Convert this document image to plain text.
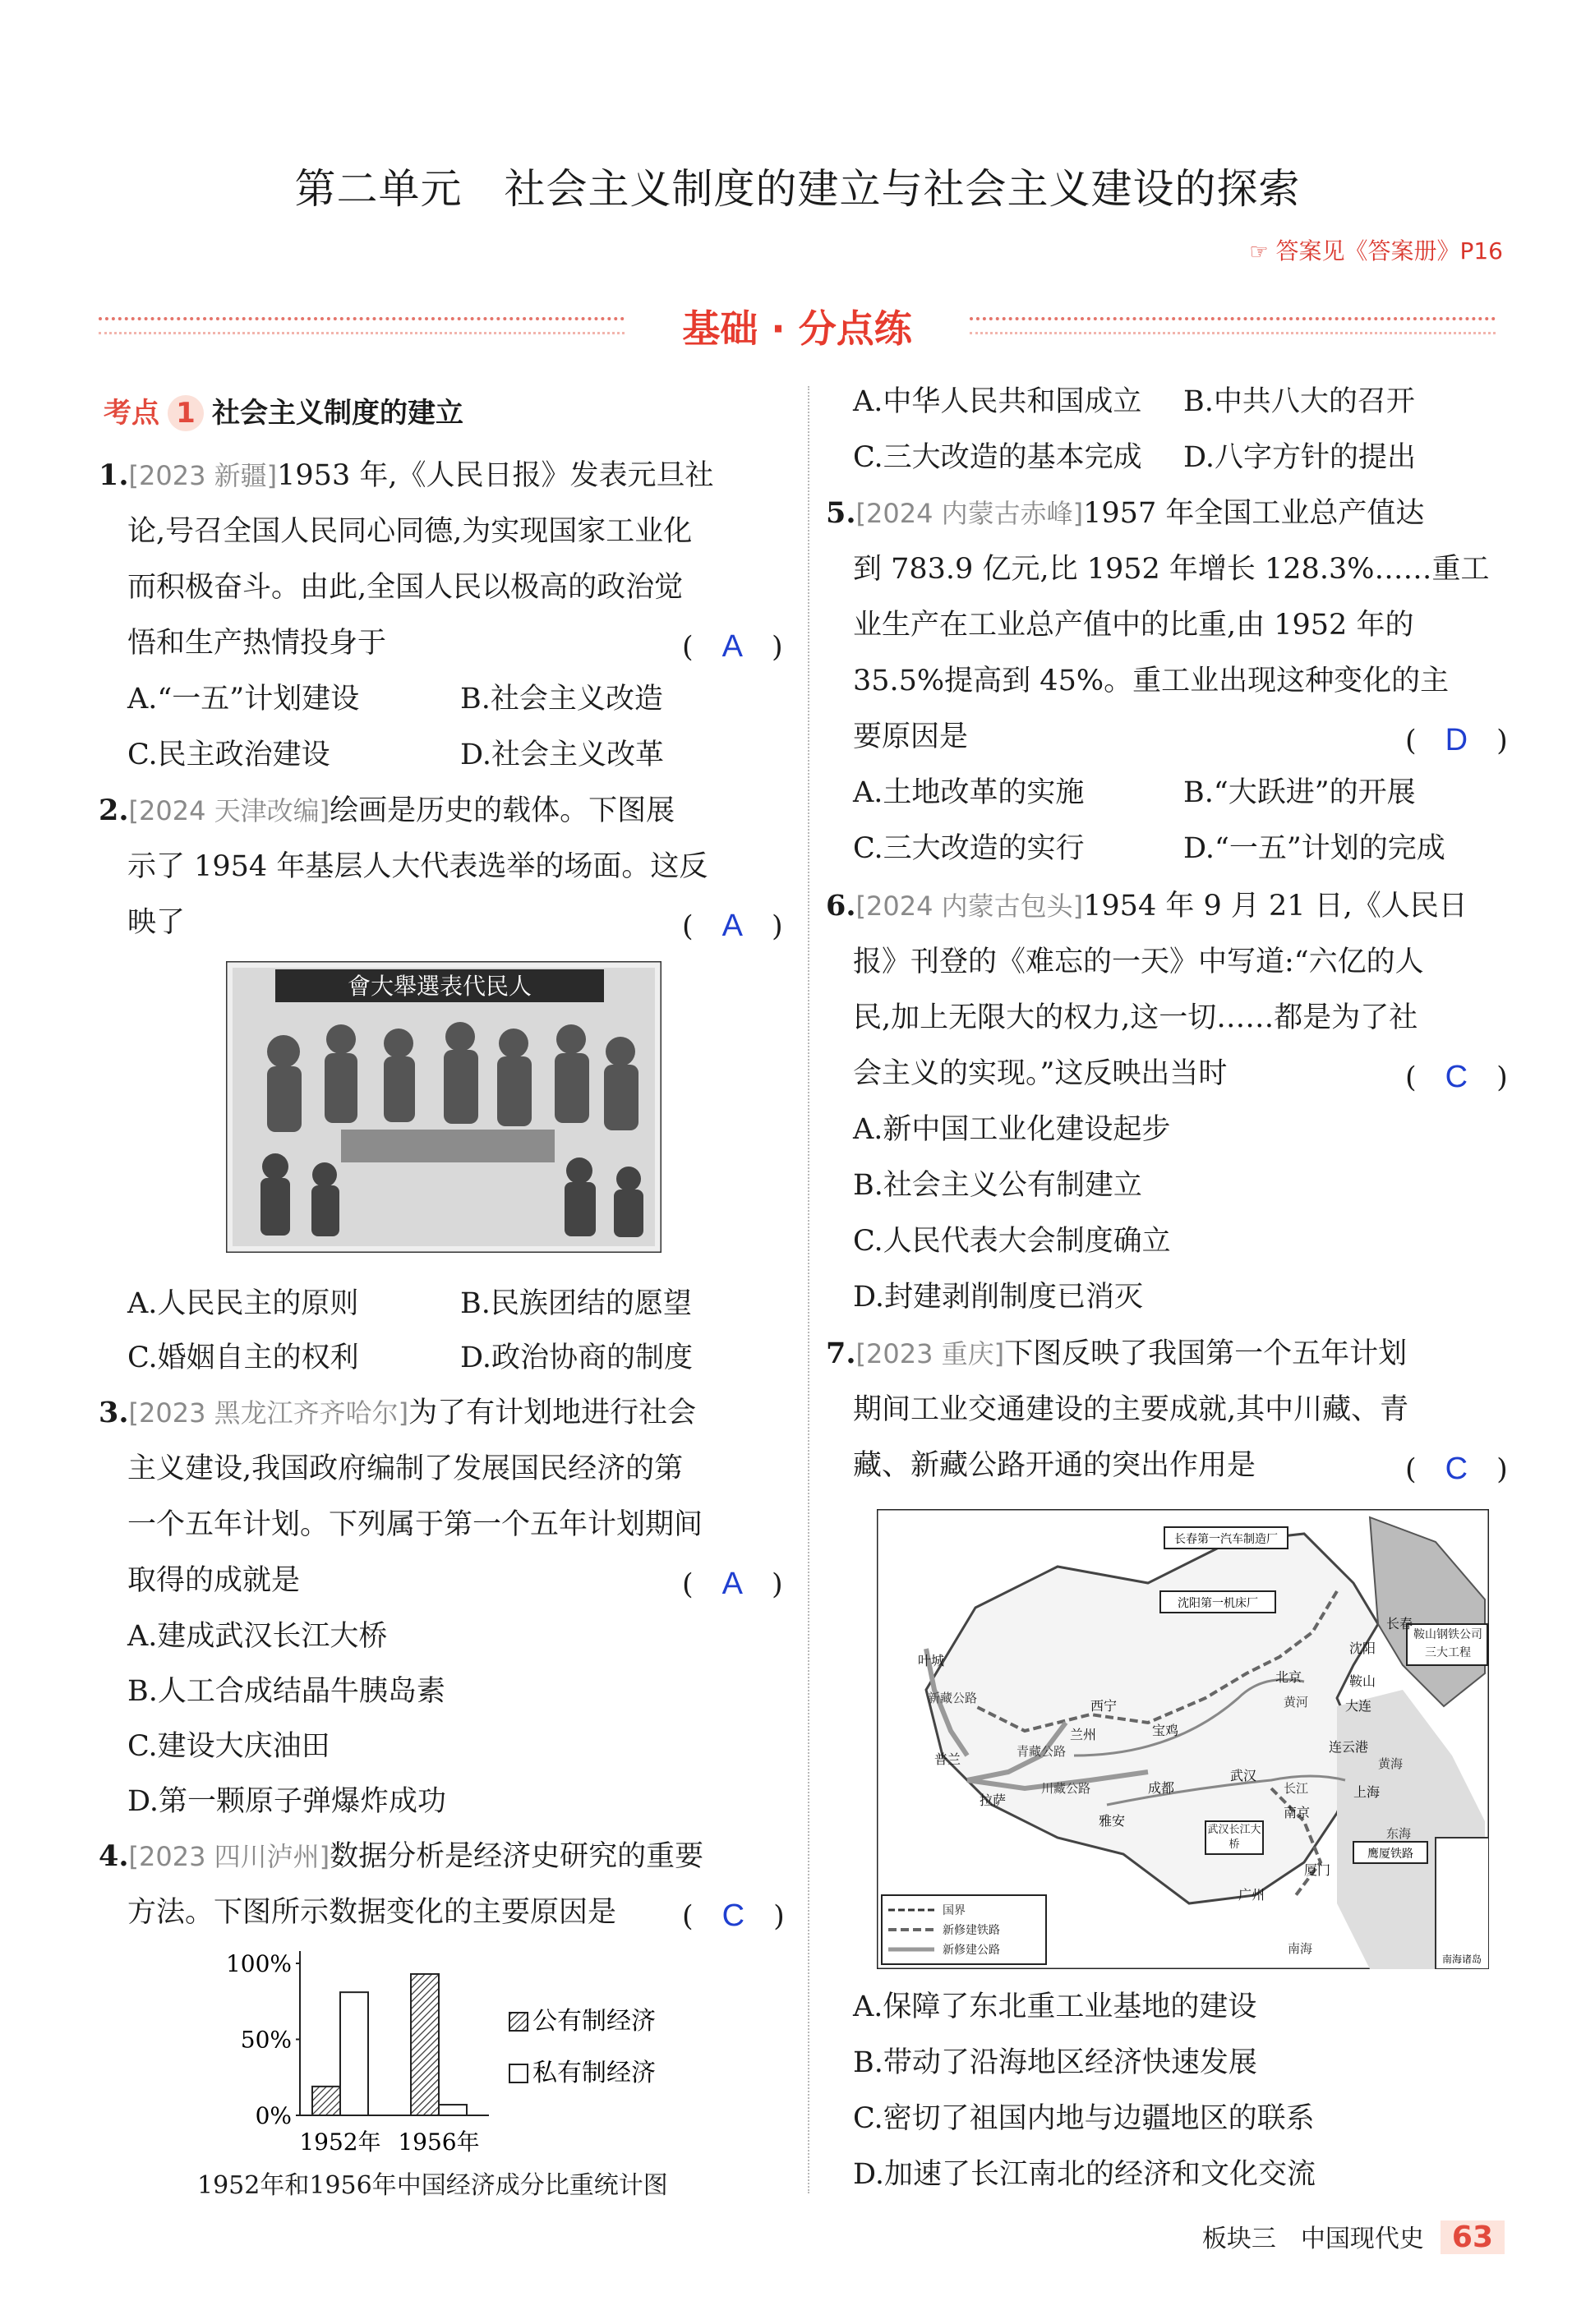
第二单元　社会主义制度的建立与社会主义建设的探索
☞ 答案见《答案册》P16
基础 · 分点练
考点 1 社会主义制度的建立
1.[2023 新疆]1953 年,《人民日报》发表元旦社
论,号召全国人民同心同德,为实现国家工业化
而积极奋斗。由此,全国人民以极高的政治觉
悟和生产热情投身于	(　A　)
A.“一五”计划建设	B.社会主义改造
C.民主政治建设	D.社会主义改革
2.[2024 天津改编]绘画是历史的载体。下图展
示了 1954 年基层人大代表选举的场面。这反
映了	(　A　)
會大舉選表代民人
A.人民民主的原则	B.民族团结的愿望
C.婚姻自主的权利	D.政治协商的制度
3.[2023 黑龙江齐齐哈尔]为了有计划地进行社会
主义建设,我国政府编制了发展国民经济的第
一个五年计划。下列属于第一个五年计划期间
取得的成就是	(　A　)
A.建成武汉长江大桥
B.人工合成结晶牛胰岛素
C.建设大庆油田
D.第一颗原子弹爆炸成功
4.[2023 四川泸州]数据分析是经济史研究的重要
方法。下图所示数据变化的主要原因是 (　C　)
100%
50%
0%
1952年 1956年
公有制经济
私有制经济
1952年和1956年中国经济成分比重统计图
A.中华人民共和国成立 B.中共八大的召开
C.三大改造的基本完成 D.八字方针的提出
5.[2024 内蒙古赤峰]1957 年全国工业总产值达
到 783.9 亿元,比 1952 年增长 128.3%……重工
业生产在工业总产值中的比重,由 1952 年的
35.5%提高到 45%。重工业出现这种变化的主
要原因是	(　D　)
A.土地改革的实施	B.“大跃进”的开展
C.三大改造的实行	D.“一五”计划的完成
6.[2024 内蒙古包头]1954 年 9 月 21 日,《人民日
报》刊登的《难忘的一天》中写道:“六亿的人
民,加上无限大的权力,这一切……都是为了社
会主义的实现。”这反映出当时	(　C　)
A.新中国工业化建设起步
B.社会主义公有制建立
C.人民代表大会制度确立
D.封建剥削制度已消灭
7.[2023 重庆]下图反映了我国第一个五年计划
期间工业交通建设的主要成就,其中川藏、青
藏、新藏公路开通的突出作用是	(　C　)
南海诸岛
长春第一汽车制造厂
沈阳第一机床厂
鞍山钢铁公司三大工程
鹰厦铁路
长春
沈阳
鞍山
北京
大连
叶城
西宁
兰州	宝鸡
连云港
拉萨
成都
武汉
雅安
南京
上海
厦门
广州
普兰
新藏公路
青藏公路
川藏公路
黄河
长江
黄海
东海
南海
武汉长江大桥
国界
新修建铁路
新修建公路
A.保障了东北重工业基地的建设
B.带动了沿海地区经济快速发展
C.密切了祖国内地与边疆地区的联系
D.加速了长江南北的经济和文化交流
板块三　中国现代史 63
